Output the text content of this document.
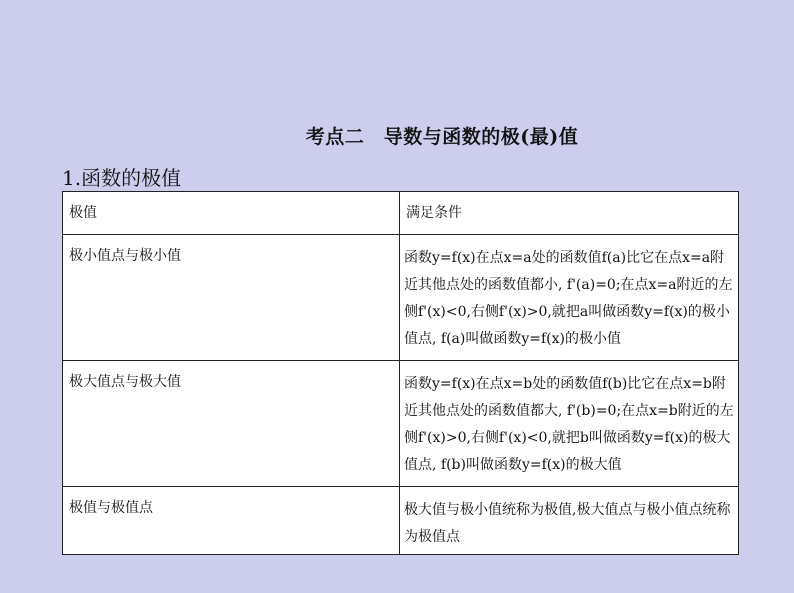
考点二　导数与函数的极(最)值
1.函数的极值
极值	满足条件

极小值点与极小值	函数y=f(x)在点x=a处的函数值f(a)比它在点x=a附近其他点处的函数值都小, f'(a)=0;在点x=a附近的左侧f'(x)<0,右侧f'(x)>0,就把a叫做函数y=f(x)的极小值点, f(a)叫做函数y=f(x)的极小值

极大值点与极大值	函数y=f(x)在点x=b处的函数值f(b)比它在点x=b附近其他点处的函数值都大, f'(b)=0;在点x=b附近的左侧f'(x)>0,右侧f'(x)<0,就把b叫做函数y=f(x)的极大值点, f(b)叫做函数y=f(x)的极大值

极值与极值点	极大值与极小值统称为极值,极大值点与极小值点统称为极值点
